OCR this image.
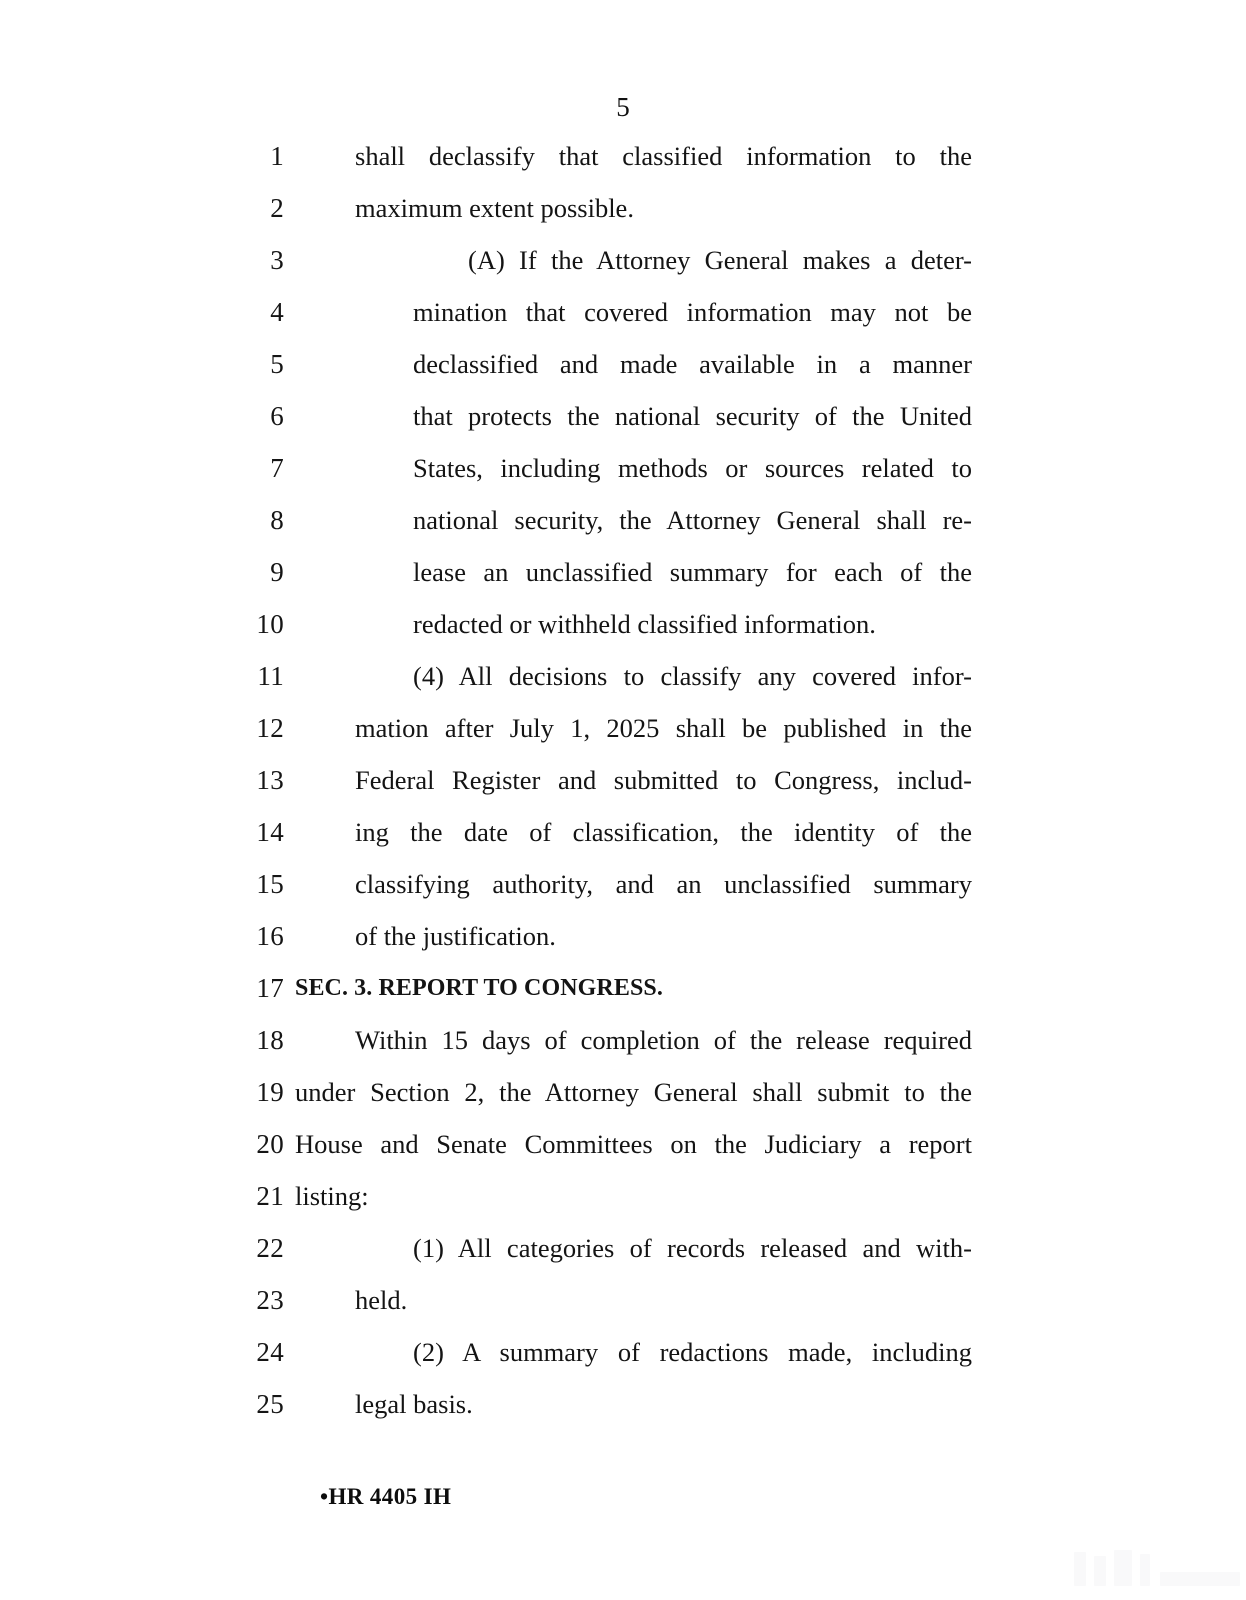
5
1	shall declassify that classified information to the
2	maximum extent possible.
3	(A) If the Attorney General makes a deter-
4	mination that covered information may not be
5	declassified and made available in a manner
6	that protects the national security of the United
7	States, including methods or sources related to
8	national security, the Attorney General shall re-
9	lease an unclassified summary for each of the
10	redacted or withheld classified information.
11	(4) All decisions to classify any covered infor-
12	mation after July 1, 2025 shall be published in the
13	Federal Register and submitted to Congress, includ-
14	ing the date of classification, the identity of the
15	classifying authority, and an unclassified summary
16	of the justification.
17 SEC. 3. REPORT TO CONGRESS.
18	Within 15 days of completion of the release required
19 under Section 2, the Attorney General shall submit to the
20 House and Senate Committees on the Judiciary a report
21 listing:
22	(1) All categories of records released and with-
23	held.
24	(2) A summary of redactions made, including
25	legal basis.
•HR 4405 IH
